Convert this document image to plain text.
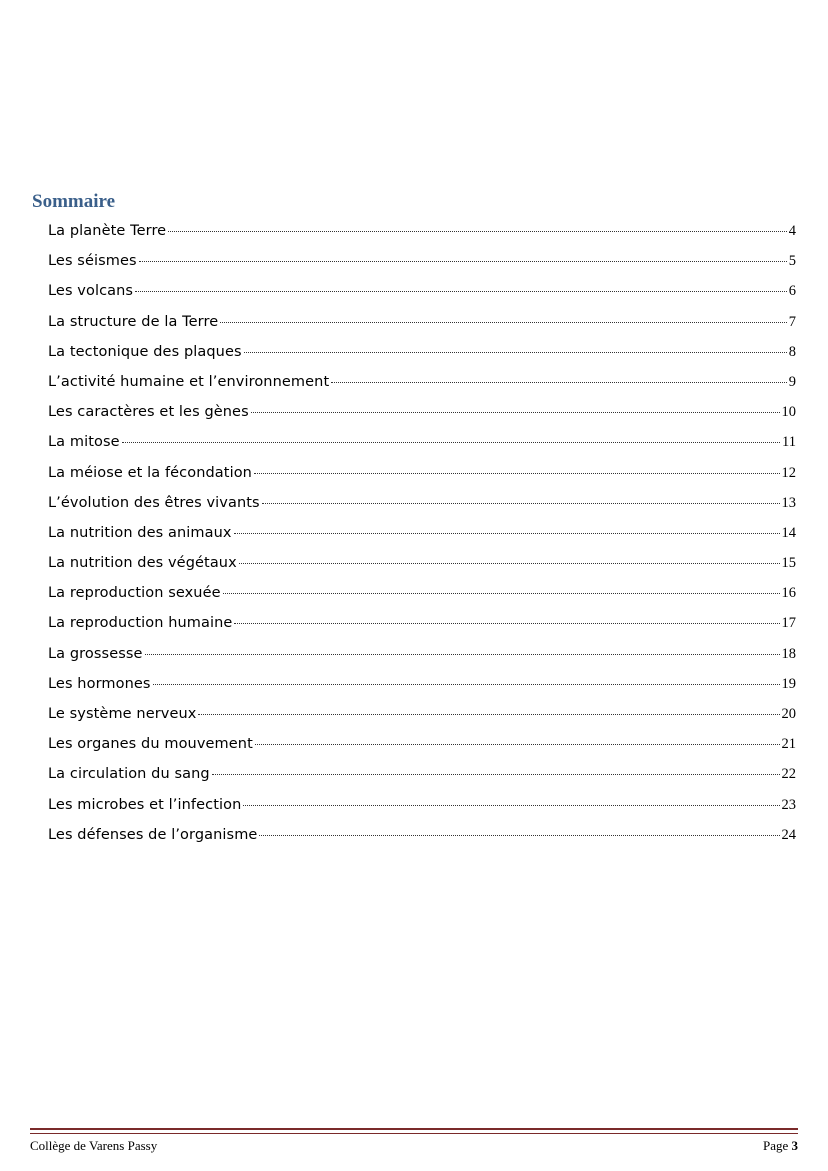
Sommaire
La planète Terre	4
Les séismes	5
Les volcans	6
La structure de la Terre	7
La tectonique des plaques	8
L’activité humaine et l’environnement	9
Les caractères et les gènes	10
La mitose	11
La méiose et la fécondation	12
L’évolution des êtres vivants	13
La nutrition des animaux	14
La nutrition des végétaux	15
La reproduction sexuée	16
La reproduction humaine	17
La grossesse	18
Les hormones	19
Le système nerveux	20
Les organes du mouvement	21
La circulation du sang	22
Les microbes et l’infection	23
Les défenses de l’organisme	24
Collège de Varens Passy	Page 3
